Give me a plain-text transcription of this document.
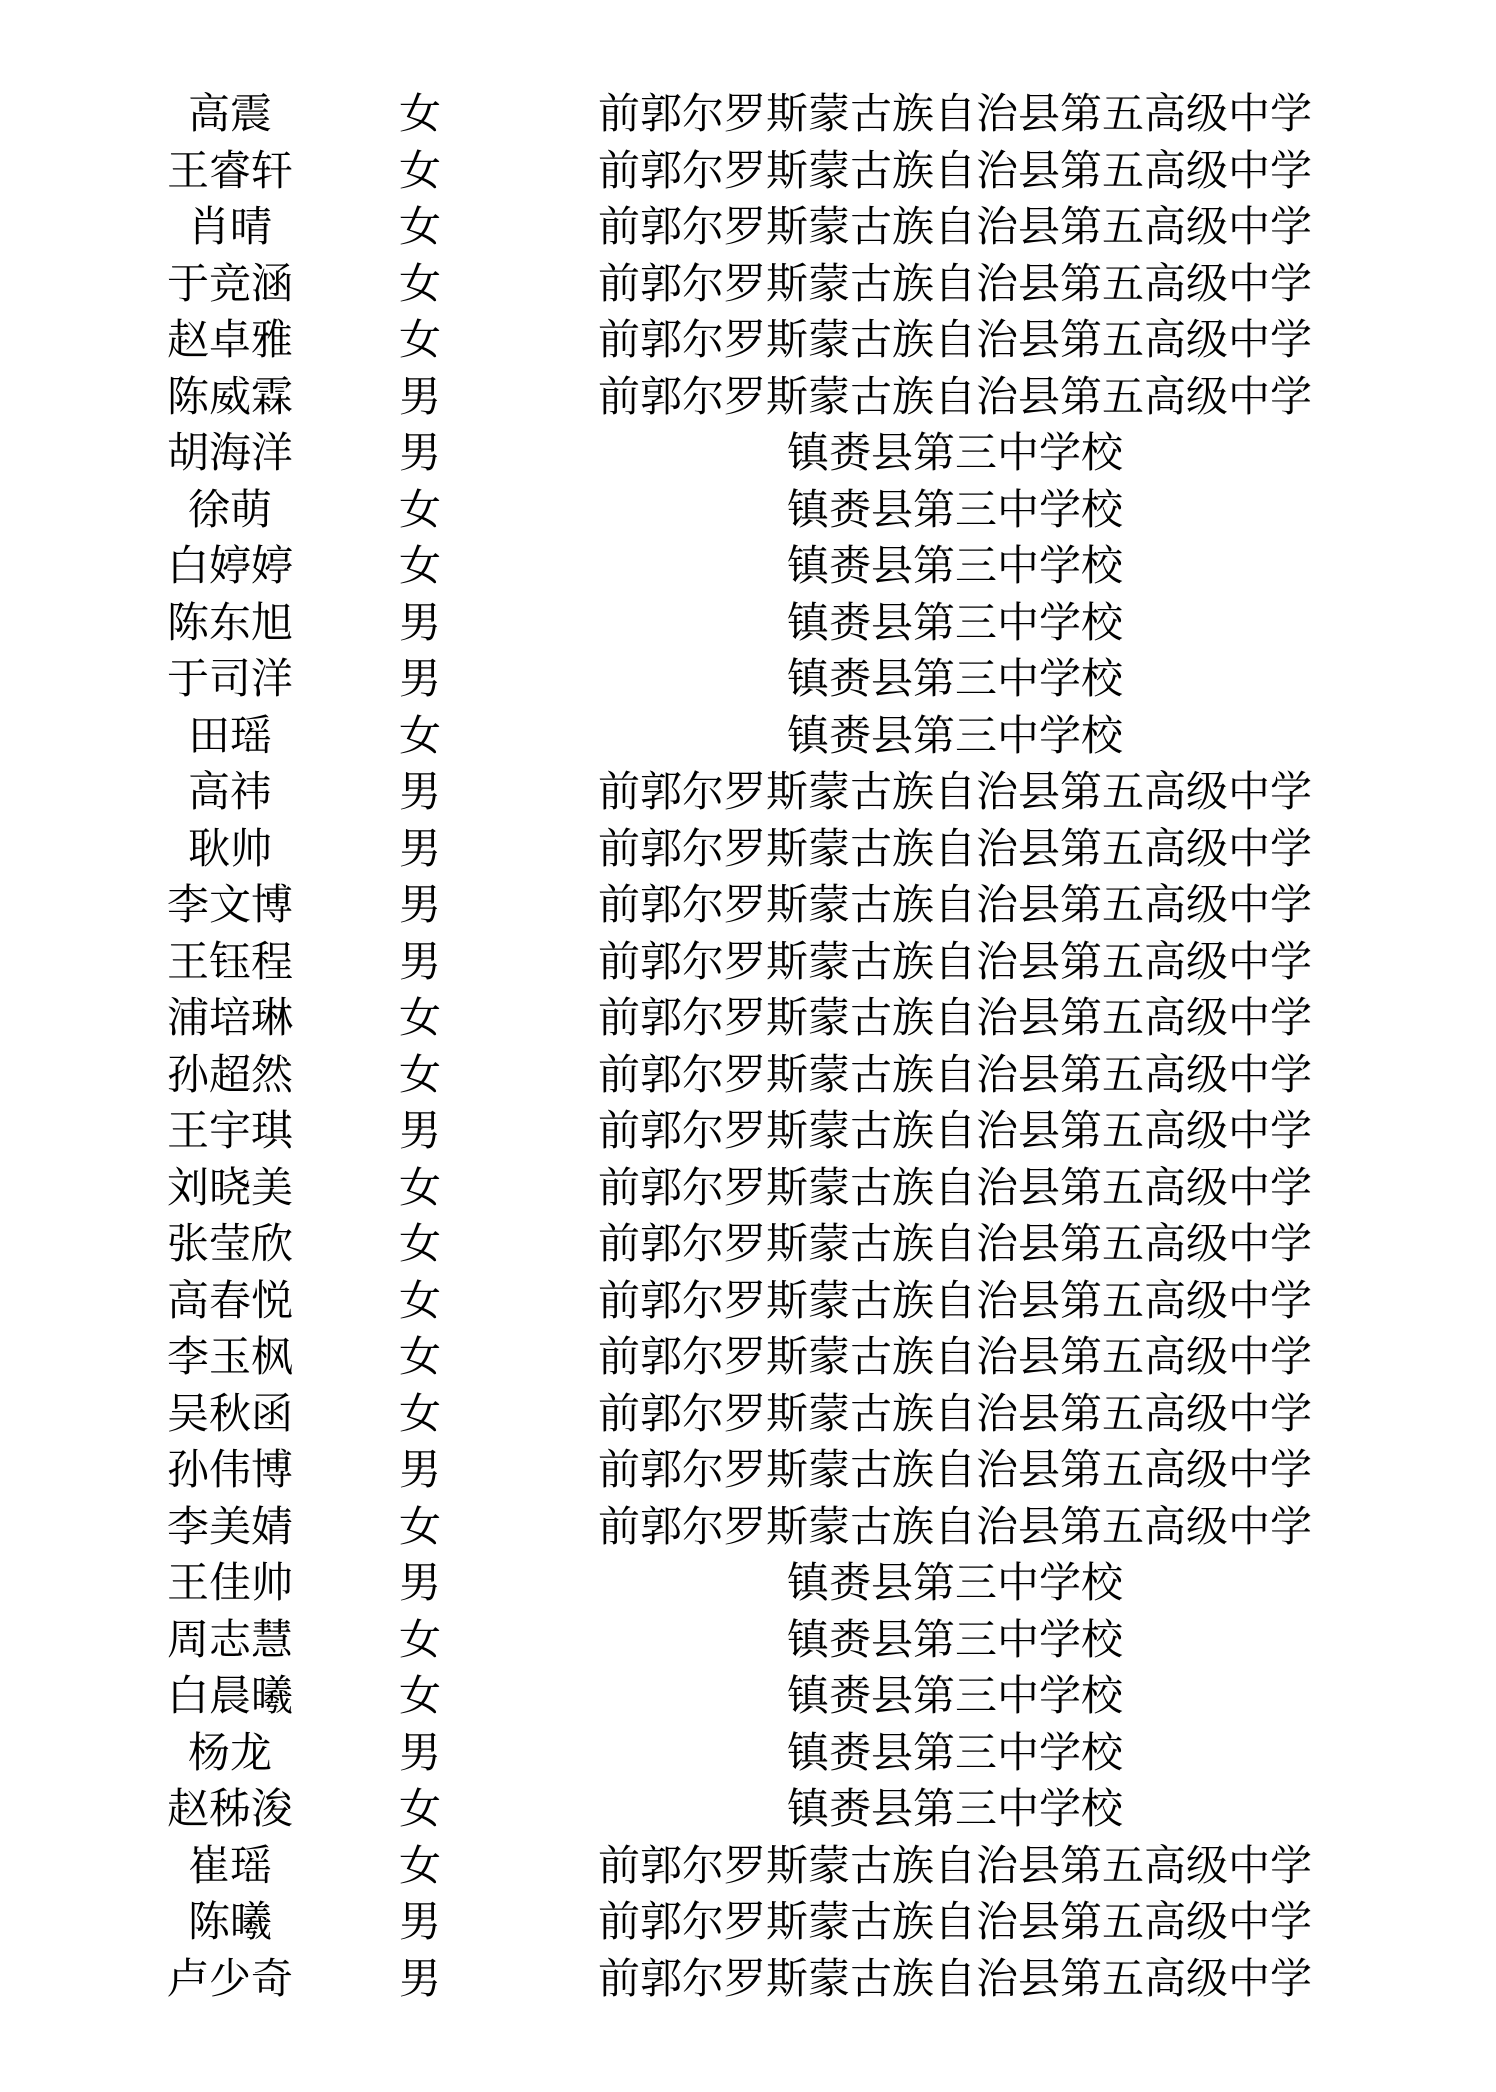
高震	女	前郭尔罗斯蒙古族自治县第五高级中学
王睿轩	女	前郭尔罗斯蒙古族自治县第五高级中学
肖晴	女	前郭尔罗斯蒙古族自治县第五高级中学
于竞涵	女	前郭尔罗斯蒙古族自治县第五高级中学
赵卓雅	女	前郭尔罗斯蒙古族自治县第五高级中学
陈威霖	男	前郭尔罗斯蒙古族自治县第五高级中学
胡海洋	男	镇赉县第三中学校
徐萌	女	镇赉县第三中学校
白婷婷	女	镇赉县第三中学校
陈东旭	男	镇赉县第三中学校
于司洋	男	镇赉县第三中学校
田瑶	女	镇赉县第三中学校
高祎	男	前郭尔罗斯蒙古族自治县第五高级中学
耿帅	男	前郭尔罗斯蒙古族自治县第五高级中学
李文博	男	前郭尔罗斯蒙古族自治县第五高级中学
王钰程	男	前郭尔罗斯蒙古族自治县第五高级中学
浦培琳	女	前郭尔罗斯蒙古族自治县第五高级中学
孙超然	女	前郭尔罗斯蒙古族自治县第五高级中学
王宇琪	男	前郭尔罗斯蒙古族自治县第五高级中学
刘晓美	女	前郭尔罗斯蒙古族自治县第五高级中学
张莹欣	女	前郭尔罗斯蒙古族自治县第五高级中学
高春悦	女	前郭尔罗斯蒙古族自治县第五高级中学
李玉枫	女	前郭尔罗斯蒙古族自治县第五高级中学
吴秋函	女	前郭尔罗斯蒙古族自治县第五高级中学
孙伟博	男	前郭尔罗斯蒙古族自治县第五高级中学
李美婧	女	前郭尔罗斯蒙古族自治县第五高级中学
王佳帅	男	镇赉县第三中学校
周志慧	女	镇赉县第三中学校
白晨曦	女	镇赉县第三中学校
杨龙	男	镇赉县第三中学校
赵秭浚	女	镇赉县第三中学校
崔瑶	女	前郭尔罗斯蒙古族自治县第五高级中学
陈曦	男	前郭尔罗斯蒙古族自治县第五高级中学
卢少奇	男	前郭尔罗斯蒙古族自治县第五高级中学
